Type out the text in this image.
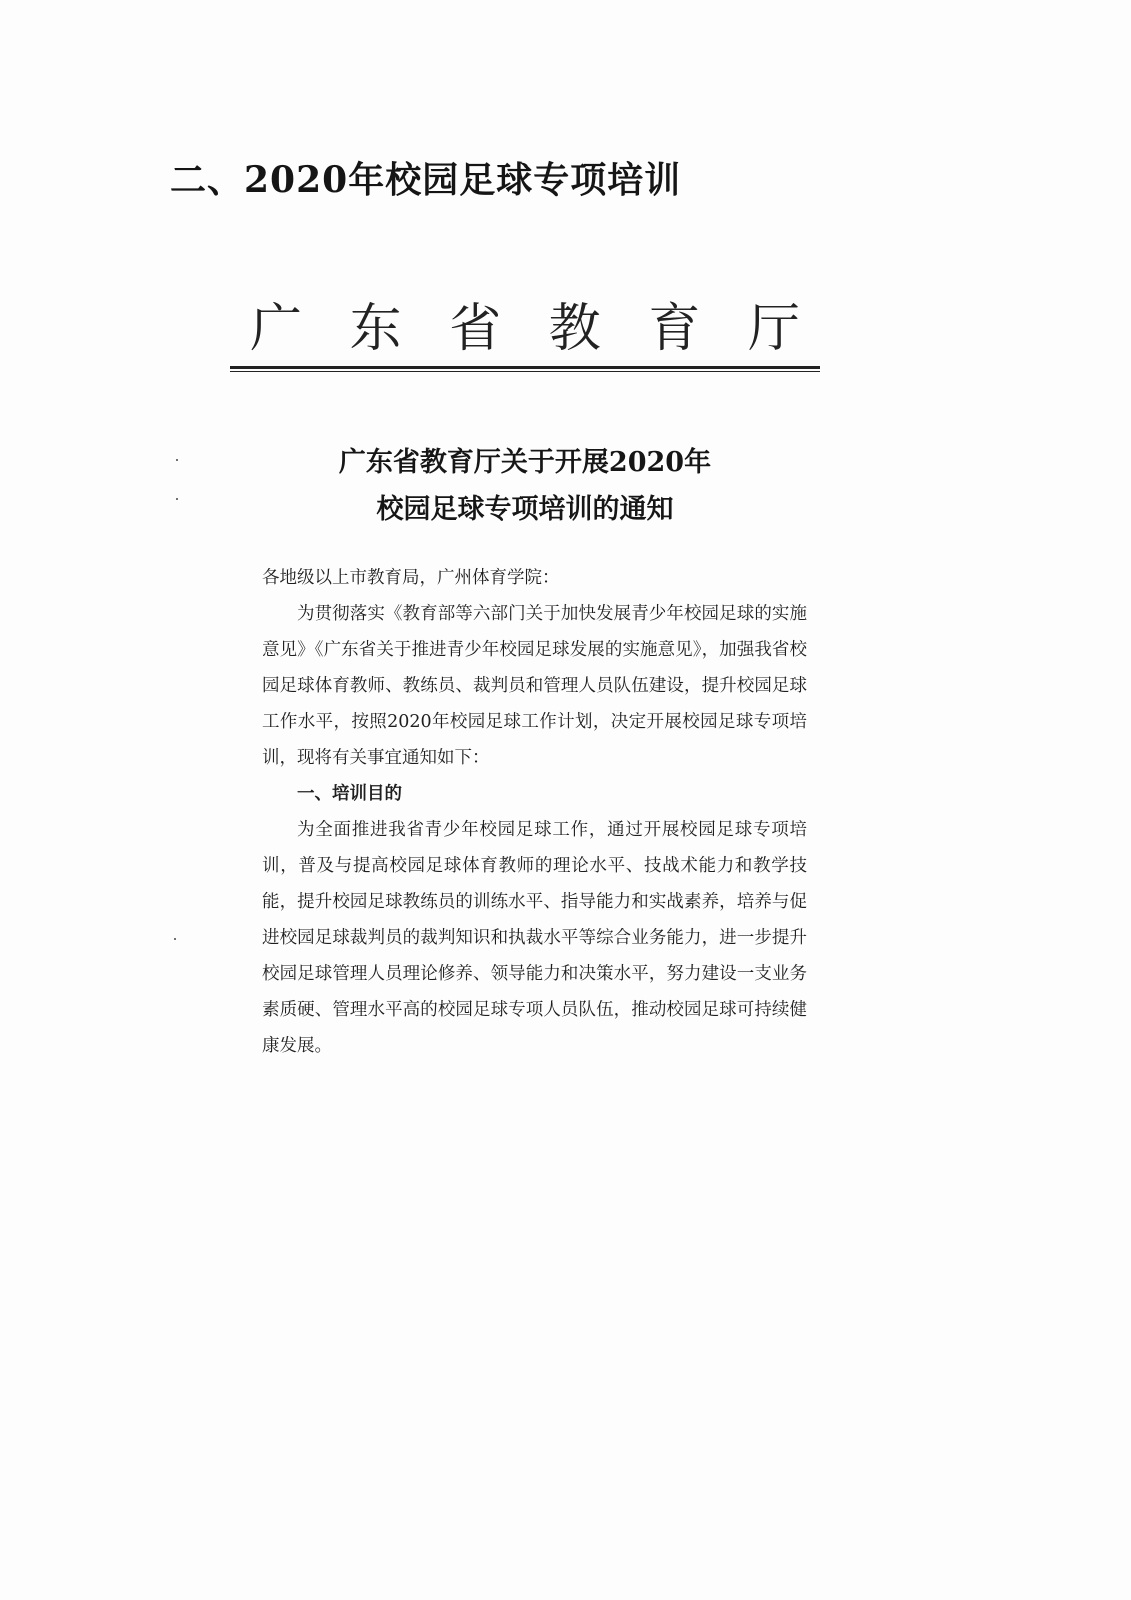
二、2020年校园足球专项培训
广 东 省 教 育 厅
广东省教育厅关于开展2020年
校园足球专项培训的通知

各地级以上市教育局，广州体育学院：

为贯彻落实《教育部等六部门关于加快发展青少年校园足球的实施意见》《广东省关于推进青少年校园足球发展的实施意见》，加强我省校园足球体育教师、教练员、裁判员和管理人员队伍建设，提升校园足球工作水平，按照2020年校园足球工作计划，决定开展校园足球专项培训，现将有关事宜通知如下：

一、培训目的

为全面推进我省青少年校园足球工作，通过开展校园足球专项培训，普及与提高校园足球体育教师的理论水平、技战术能力和教学技能，提升校园足球教练员的训练水平、指导能力和实战素养，培养与促进校园足球裁判员的裁判知识和执裁水平等综合业务能力，进一步提升校园足球管理人员理论修养、领导能力和决策水平，努力建设一支业务素质硬、管理水平高的校园足球专项人员队伍，推动校园足球可持续健康发展。
